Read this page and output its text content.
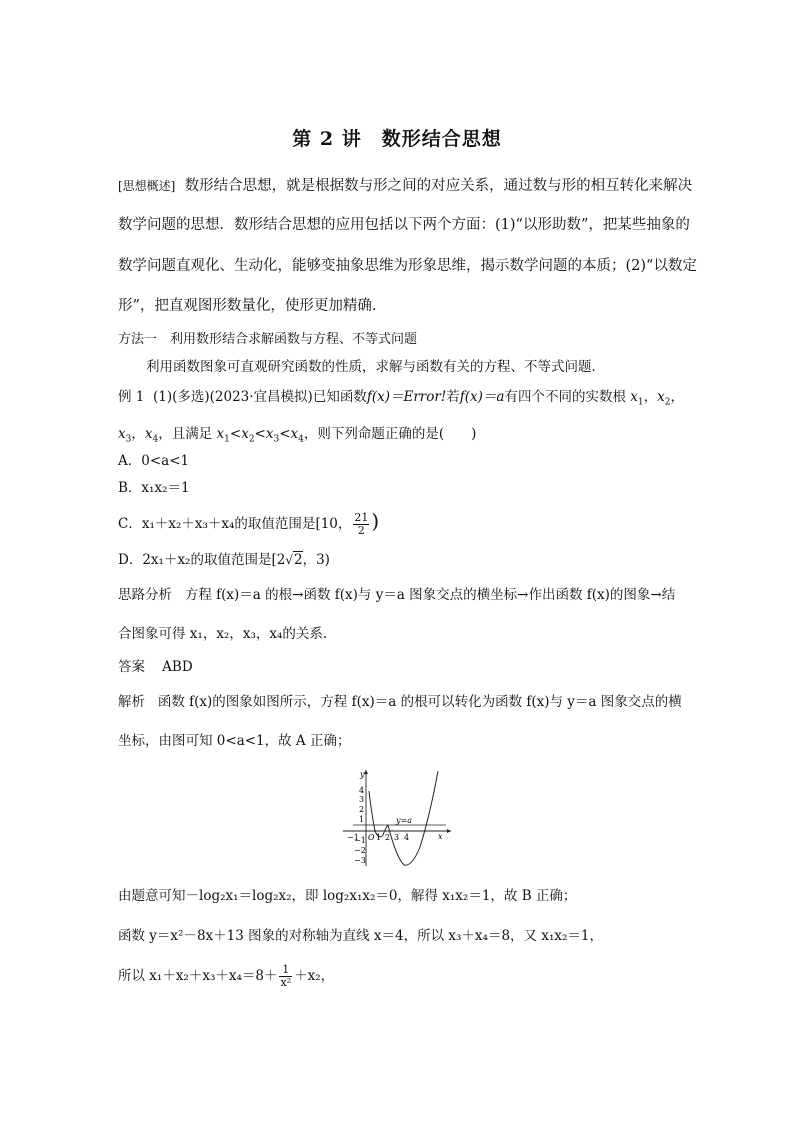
第 2 讲　数形结合思想
[思想概述] 数形结合思想，就是根据数与形之间的对应关系，通过数与形的相互转化来解决
数学问题的思想．数形结合思想的应用包括以下两个方面：(1)“以形助数”，把某些抽象的
数学问题直观化、生动化，能够变抽象思维为形象思维，揭示数学问题的本质；(2)“以数定
形”，把直观图形数量化，使形更加精确.
方法一　利用数形结合求解函数与方程、不等式问题
利用函数图象可直观研究函数的性质，求解与函数有关的方程、不等式问题．
例 1 (1)(多选)(2023·宜昌模拟)已知函数f(x)＝Error!若f(x)＝a有四个不同的实数根 $x_1$，$x_2$，
$x_3$，$x_4$，且满足 $x_1<x_2<x_3<x_4$，则下列命题正确的是(　　)
A．0<a<1
B．x₁x₂＝1
C．x₁＋x₂＋x₃＋x₄的取值范围是[10， $\frac{21}{2}$ )
D．2x₁＋x₂的取值范围是[2√2，3)
思路分析 方程 f(x)＝a 的根→函数 f(x)与 y＝a 图象交点的横坐标→作出函数 f(x)的图象→结
合图象可得 x₁，x₂，x₃，x₄的关系.
答案 ABD
解析 函数 f(x)的图象如图所示，方程 f(x)＝a 的根可以转化为函数 f(x)与 y＝a 图象交点的横
坐标，由图可知 0<a<1，故 A 正确；
y
x
O
y=a
4
3
2
1
−1
−2
−3
−1 1 2 3 4
由题意可知－log₂x₁＝log₂x₂，即 log₂x₁x₂＝0，解得 x₁x₂＝1，故 B 正确；
函数 y＝x²－8x＋13 图象的对称轴为直线 x＝4，所以 x₃＋x₄＝8，又 x₁x₂＝1，
所以 $x_1+x_2+x_3+x_4=8+ \frac{1}{\text{x²}} +x_2$，
